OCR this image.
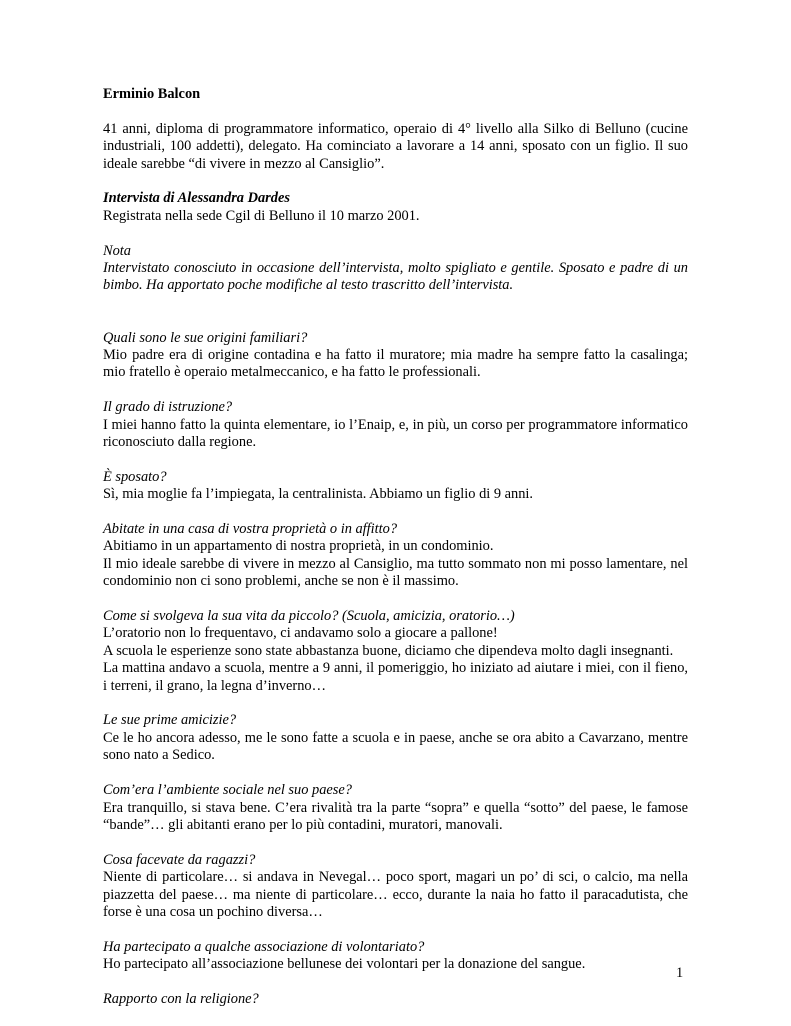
Erminio Balcon

41 anni, diploma di programmatore informatico, operaio di 4° livello alla Silko di Belluno (cucine industriali, 100 addetti), delegato. Ha cominciato a lavorare a 14 anni, sposato con un figlio. Il suo ideale sarebbe “di vivere in mezzo al Cansiglio”.

Intervista di Alessandra Dardes

Registrata nella sede Cgil di Belluno il 10 marzo 2001.

Nota

Intervistato conosciuto in occasione dell’intervista, molto spigliato e gentile. Sposato e padre di un bimbo. Ha apportato poche modifiche al testo trascritto dell’intervista.

Quali sono le sue origini familiari?

Mio padre era di origine contadina e ha fatto il muratore; mia madre ha sempre fatto la casalinga; mio fratello è operaio metalmeccanico, e ha fatto le professionali.

Il grado di istruzione?

I miei hanno fatto la quinta elementare, io l’Enaip, e, in più, un corso per programmatore informatico riconosciuto dalla regione.

È sposato?

Sì, mia moglie fa l’impiegata, la centralinista. Abbiamo un figlio di 9 anni.

Abitate in una casa di vostra proprietà o in affitto?

Abitiamo in un appartamento di nostra proprietà, in un condominio.

Il mio ideale sarebbe di vivere in mezzo al Cansiglio, ma tutto sommato non mi posso lamentare, nel condominio non ci sono problemi, anche se non è il massimo.

Come si svolgeva la sua vita da piccolo? (Scuola, amicizia, oratorio…)

L’oratorio non lo frequentavo, ci andavamo solo a giocare a pallone!

A scuola le esperienze sono state abbastanza buone, diciamo che dipendeva molto dagli insegnanti.

La mattina andavo a scuola, mentre a 9 anni, il pomeriggio, ho iniziato ad aiutare i miei, con il fieno, i terreni, il grano, la legna d’inverno…

Le sue prime amicizie?

Ce le ho ancora adesso, me le sono fatte a scuola e in paese, anche se ora abito a Cavarzano, mentre sono nato a Sedico.

Com’era l’ambiente sociale nel suo paese?

Era tranquillo, si stava bene. C’era rivalità tra la parte “sopra” e quella “sotto” del paese, le famose “bande”… gli abitanti erano per lo più contadini, muratori, manovali.

Cosa facevate da ragazzi?

Niente di particolare… si andava in Nevegal… poco sport, magari un po’ di sci, o calcio, ma nella piazzetta del paese… ma niente di particolare… ecco, durante la naia ho fatto il paracadutista, che forse è una cosa un pochino diversa…

Ha partecipato a qualche associazione di volontariato?

Ho partecipato all’associazione bellunese dei volontari per la donazione del sangue.

Rapporto con la religione?

1
